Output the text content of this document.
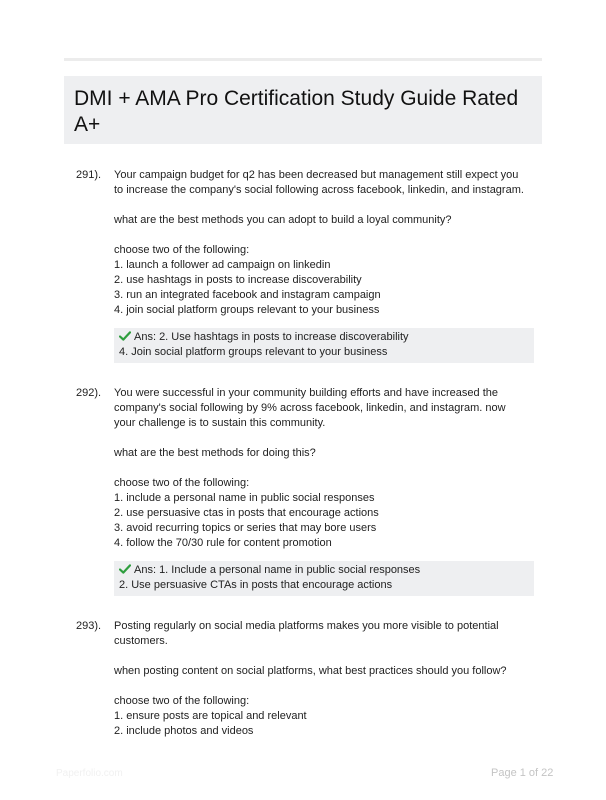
DMI + AMA Pro Certification Study Guide Rated A+
291). Your campaign budget for q2 has been decreased but management still expect you to increase the company's social following across facebook, linkedin, and instagram.

what are the best methods you can adopt to build a loyal community?

choose two of the following:
1. launch a follower ad campaign on linkedin
2. use hashtags in posts to increase discoverability
3. run an integrated facebook and instagram campaign
4. join social platform groups relevant to your business
Ans: 2. Use hashtags in posts to increase discoverability
4. Join social platform groups relevant to your business
292). You were successful in your community building efforts and have increased the company's social following by 9% across facebook, linkedin, and instagram. now your challenge is to sustain this community.

what are the best methods for doing this?

choose two of the following:
1. include a personal name in public social responses
2. use persuasive ctas in posts that encourage actions
3. avoid recurring topics or series that may bore users
4. follow the 70/30 rule for content promotion
Ans: 1. Include a personal name in public social responses
2. Use persuasive CTAs in posts that encourage actions
293). Posting regularly on social media platforms makes you more visible to potential customers.

when posting content on social platforms, what best practices should you follow?

choose two of the following:
1. ensure posts are topical and relevant
2. include photos and videos
Paperfolio.com	Page 1 of 22
